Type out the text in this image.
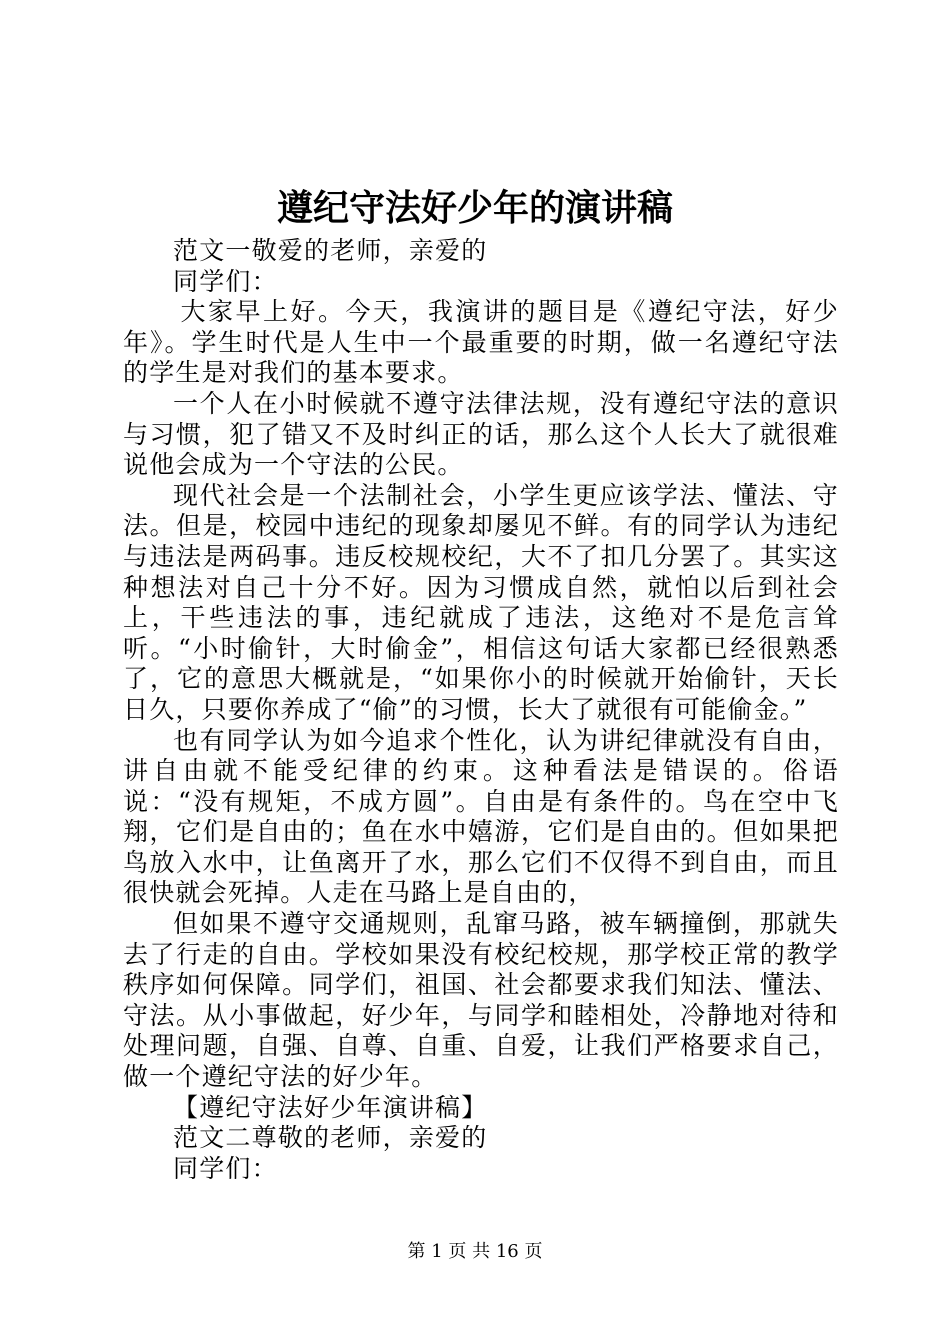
遵纪守法好少年的演讲稿

范文一敬爱的老师，亲爱的

同学们：

大家早上好。今天，我演讲的题目是《遵纪守法，好少年》。学生时代是人生中一个最重要的时期，做一名遵纪守法的学生是对我们的基本要求。

一个人在小时候就不遵守法律法规，没有遵纪守法的意识与习惯，犯了错又不及时纠正的话，那么这个人长大了就很难说他会成为一个守法的公民。

现代社会是一个法制社会，小学生更应该学法、懂法、守法。但是，校园中违纪的现象却屡见不鲜。有的同学认为违纪与违法是两码事。违反校规校纪，大不了扣几分罢了。其实这种想法对自己十分不好。因为习惯成自然，就怕以后到社会上，干些违法的事，违纪就成了违法，这绝对不是危言耸听。“小时偷针，大时偷金”，相信这句话大家都已经很熟悉了，它的意思大概就是，“如果你小的时候就开始偷针，天长日久，只要你养成了“偷”的习惯，长大了就很有可能偷金。”

也有同学认为如今追求个性化，认为讲纪律就没有自由，讲自由就不能受纪律的约束。这种看法是错误的。俗语说：“没有规矩，不成方圆”。自由是有条件的。鸟在空中飞翔，它们是自由的；鱼在水中嬉游，它们是自由的。但如果把鸟放入水中，让鱼离开了水，那么它们不仅得不到自由，而且很快就会死掉。人走在马路上是自由的，

但如果不遵守交通规则，乱窜马路，被车辆撞倒，那就失去了行走的自由。学校如果没有校纪校规，那学校正常的教学秩序如何保障。同学们，祖国、社会都要求我们知法、懂法、守法。从小事做起，好少年，与同学和睦相处，冷静地对待和处理问题，自强、自尊、自重、自爱，让我们严格要求自己，做一个遵纪守法的好少年。

【遵纪守法好少年演讲稿】

范文二尊敬的老师，亲爱的

同学们：

第 1 页 共 16 页
